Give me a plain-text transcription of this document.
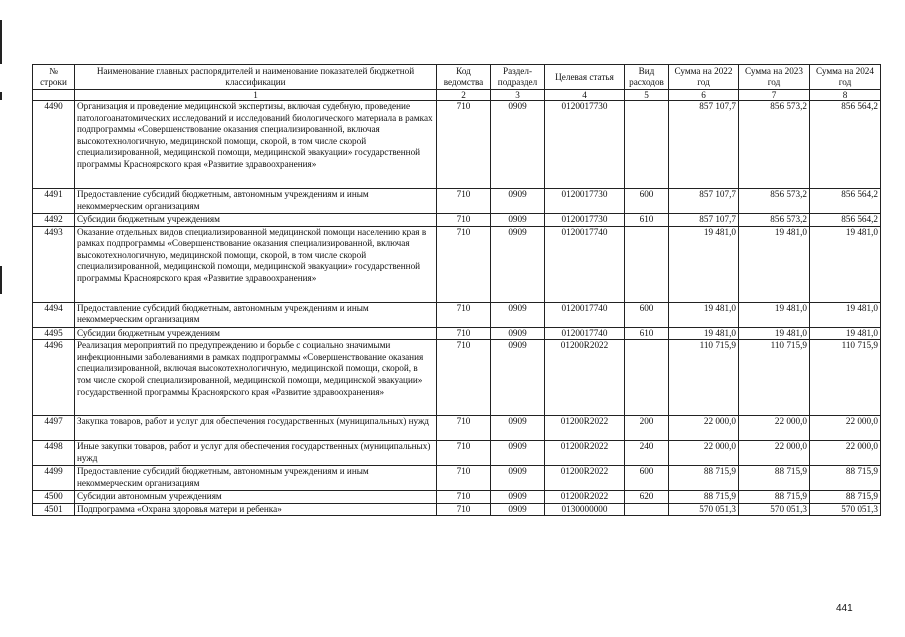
№ строки	Наименование главных распорядителей и наименование показателей бюджетной классификации	Код ведомства	Раздел-подраздел	Целевая статья	Вид расходов	Сумма на 2022 год	Сумма на 2023 год	Сумма на 2024 год
	1	2	3	4	5	6	7	8
4490	Организация и проведение медицинской экспертизы, включая судебную, проведение патологоанатомических исследований и исследований биологического материала в рамках подпрограммы «Совершенствование оказания специализированной, включая высокотехнологичную, медицинской помощи, скорой, в том числе скорой специализированной, медицинской помощи, медицинской эвакуации» государственной программы Красноярского края «Развитие здравоохранения»	710	0909	0120017730		857 107,7	856 573,2	856 564,2
4491	Предоставление субсидий бюджетным, автономным учреждениям и иным некоммерческим организациям	710	0909	0120017730	600	857 107,7	856 573,2	856 564,2
4492	Субсидии бюджетным учреждениям	710	0909	0120017730	610	857 107,7	856 573,2	856 564,2
4493	Оказание отдельных видов специализированной медицинской помощи населению края в рамках подпрограммы «Совершенствование оказания специализированной, включая высокотехнологичную, медицинской помощи, скорой, в том числе скорой специализированной, медицинской помощи, медицинской эвакуации» государственной программы Красноярского края «Развитие здравоохранения»	710	0909	0120017740		19 481,0	19 481,0	19 481,0
4494	Предоставление субсидий бюджетным, автономным учреждениям и иным некоммерческим организациям	710	0909	0120017740	600	19 481,0	19 481,0	19 481,0
4495	Субсидии бюджетным учреждениям	710	0909	0120017740	610	19 481,0	19 481,0	19 481,0
4496	Реализация мероприятий по предупреждению и борьбе с социально значимыми инфекционными заболеваниями в рамках подпрограммы «Совершенствование оказания специализированной, включая высокотехнологичную, медицинской помощи, скорой, в том числе скорой специализированной, медицинской помощи, медицинской эвакуации» государственной программы Красноярского края «Развитие здравоохранения»	710	0909	01200R2022		110 715,9	110 715,9	110 715,9
4497	Закупка товаров, работ и услуг для обеспечения государственных (муниципальных) нужд	710	0909	01200R2022	200	22 000,0	22 000,0	22 000,0
4498	Иные закупки товаров, работ и услуг для обеспечения государственных (муниципальных) нужд	710	0909	01200R2022	240	22 000,0	22 000,0	22 000,0
4499	Предоставление субсидий бюджетным, автономным учреждениям и иным некоммерческим организациям	710	0909	01200R2022	600	88 715,9	88 715,9	88 715,9
4500	Субсидии автономным учреждениям	710	0909	01200R2022	620	88 715,9	88 715,9	88 715,9
4501	Подпрограмма «Охрана здоровья матери и ребенка»	710	0909	0130000000		570 051,3	570 051,3	570 051,3
441
